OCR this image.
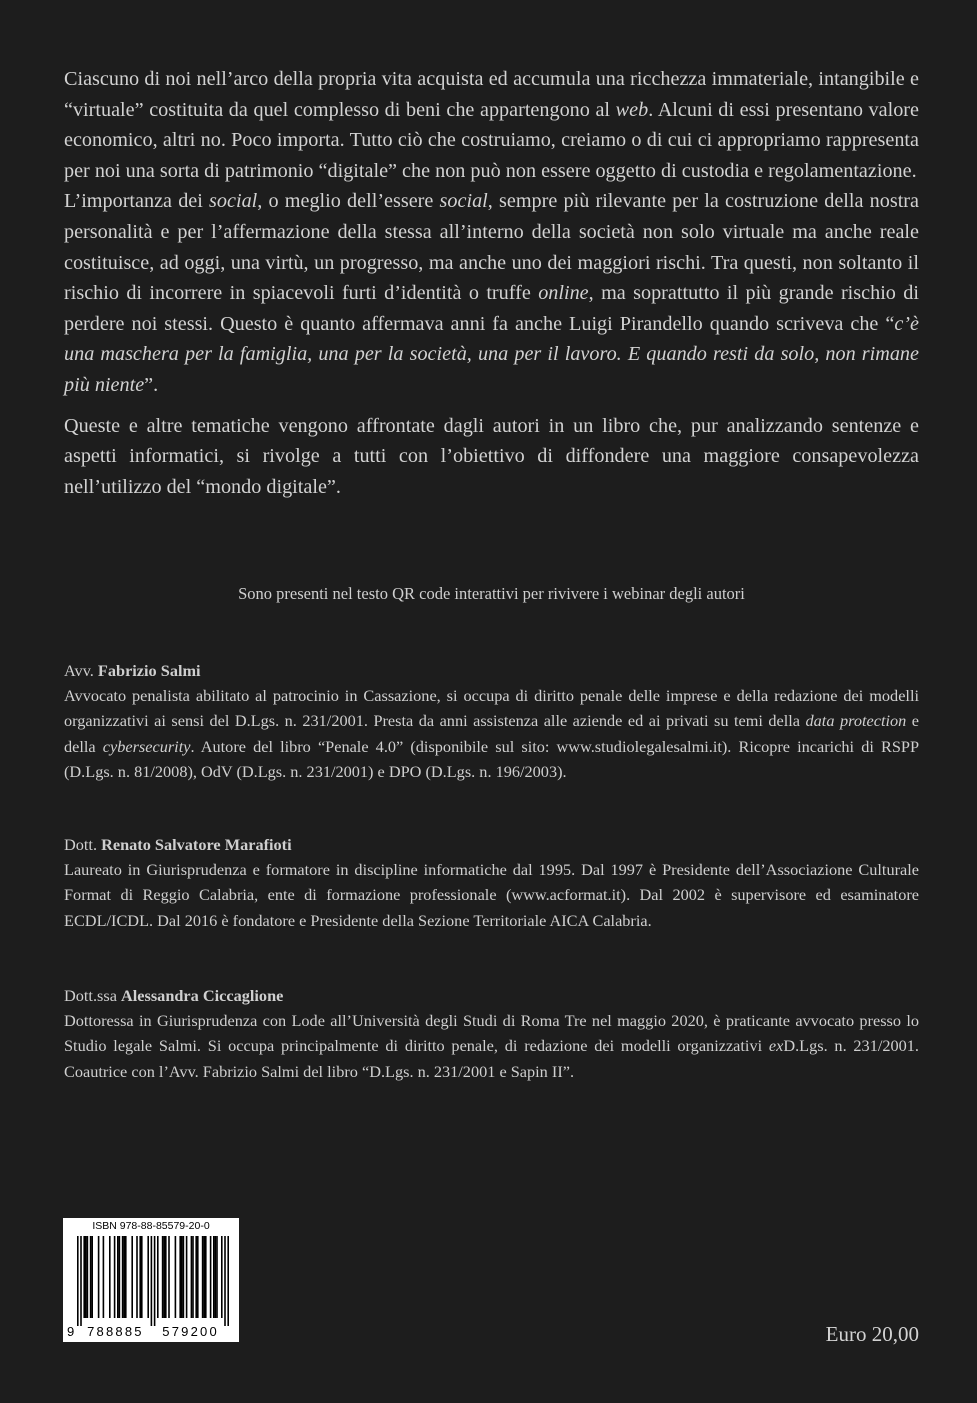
Ciascuno di noi nell’arco della propria vita acquista ed accumula una ricchezza immateriale, intangibile e “virtuale” costituita da quel complesso di beni che appartengono al web. Alcuni di essi presentano valore economico, altri no. Poco importa. Tutto ciò che costruiamo, creiamo o di cui ci appropriamo rappresenta per noi una sorta di patrimonio “digitale” che non può non essere oggetto di custodia e regolamentazione.

L’importanza dei social, o meglio dell’essere social, sempre più rilevante per la costruzione della nostra personalità e per l’affermazione della stessa all’interno della società non solo virtuale ma anche reale costituisce, ad oggi, una virtù, un progresso, ma anche uno dei maggiori rischi. Tra questi, non soltanto il rischio di incorrere in spiacevoli furti d’identità o truffe online, ma soprattutto il più grande rischio di perdere noi stessi. Questo è quanto affermava anni fa anche Luigi Pirandello quando scriveva che “c’è una maschera per la famiglia, una per la società, una per il lavoro. E quando resti da solo, non rimane più niente”.

Queste e altre tematiche vengono affrontate dagli autori in un libro che, pur analizzando sentenze e aspetti informatici, si rivolge a tutti con l’obiettivo di diffondere una maggiore consapevolezza nell’utilizzo del “mondo digitale”.

Sono presenti nel testo QR code interattivi per rivivere i webinar degli autori

Avv. Fabrizio Salmi

Avvocato penalista abilitato al patrocinio in Cassazione, si occupa di diritto penale delle imprese e della redazione dei modelli organizzativi ai sensi del D.Lgs. n. 231/2001. Presta da anni assistenza alle aziende ed ai privati su temi della data protection e della cybersecurity. Autore del libro “Penale 4.0” (disponibile sul sito: www.studiolegalesalmi.it). Ricopre incarichi di RSPP (D.Lgs. n. 81/2008), OdV (D.Lgs. n. 231/2001) e DPO (D.Lgs. n. 196/2003).

Dott. Renato Salvatore Marafioti

Laureato in Giurisprudenza e formatore in discipline informatiche dal 1995. Dal 1997 è Presidente dell’Associazione Culturale Format di Reggio Calabria, ente di formazione professionale (www.acformat.it). Dal 2002 è supervisore ed esaminatore ECDL/ICDL. Dal 2016 è fondatore e Presidente della Sezione Territoriale AICA Calabria.

Dott.ssa Alessandra Ciccaglione

Dottoressa in Giurisprudenza con Lode all’Università degli Studi di Roma Tre nel maggio 2020, è praticante avvocato presso lo Studio legale Salmi. Si occupa principalmente di diritto penale, di redazione dei modelli organizzativi exD.Lgs. n. 231/2001. Coautrice con l’Avv. Fabrizio Salmi del libro “D.Lgs. n. 231/2001 e Sapin II”.

9 788885 579200
ISBN 978-88-85579-20-0
Euro 20,00
